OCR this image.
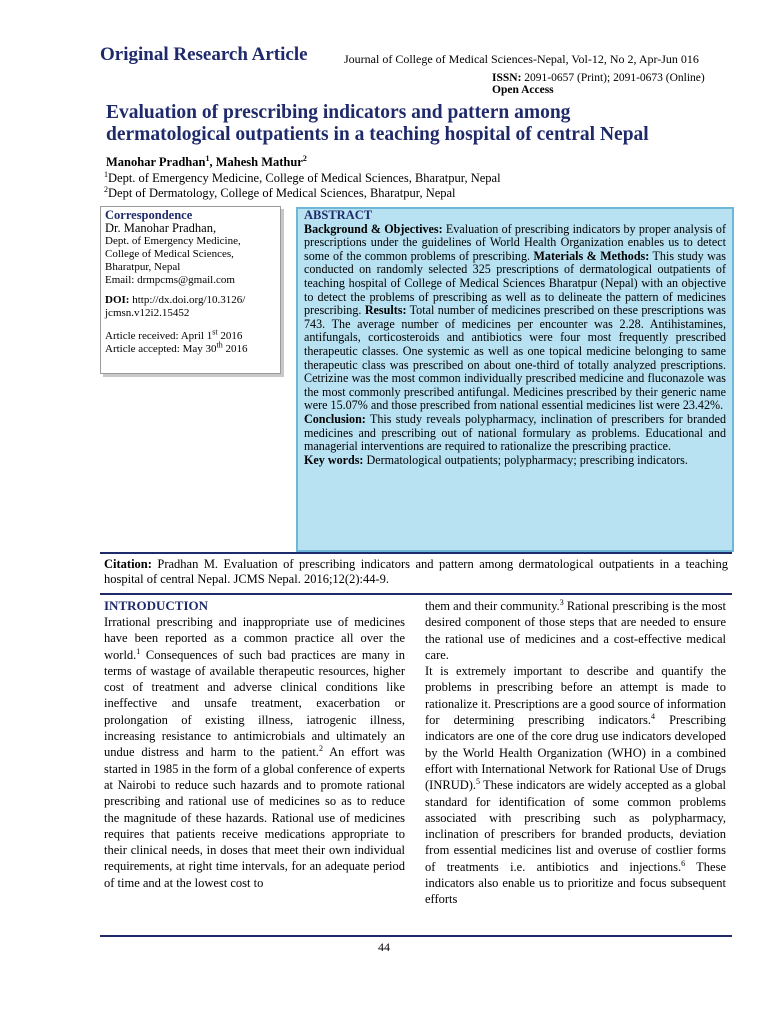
Original Research Article	Journal of College of Medical Sciences-Nepal, Vol-12, No 2, Apr-Jun 016
ISSN: 2091-0657 (Print); 2091-0673 (Online)
Open Access
Evaluation of prescribing indicators and pattern among
dermatological outpatients in a teaching hospital of central Nepal
Manohar Pradhan$^1$, Mahesh Mathur$^2$
$^1$Dept. of Emergency Medicine, College of Medical Sciences, Bharatpur, Nepal
$^2$Dept of Dermatology, College of Medical Sciences, Bharatpur, Nepal
Correspondence
Dr. Manohar Pradhan,
Dept. of Emergency Medicine,
College of Medical Sciences,
Bharatpur, Nepal
Email: drmpcms@gmail.com
DOI: http://dx.doi.org/10.3126/
jcmsn.v12i2.15452
Article received: April 1st 2016
Article accepted: May 30th 2016
ABSTRACT
Background & Objectives: Evaluation of prescribing indicators by proper analysis of prescriptions under the guidelines of World Health Organization enables us to detect some of the common problems of prescribing. Materials & Methods: This study was conducted on randomly selected 325 prescriptions of dermatological outpatients of teaching hospital of College of Medical Sciences Bharatpur (Nepal) with an objective to detect the problems of prescribing as well as to delineate the pattern of medicines prescribing. Results: Total number of medicines prescribed on these prescriptions was 743. The average number of medicines per encounter was 2.28. Antihistamines, antifungals, corticosteroids and antibiotics were four most frequently prescribed therapeutic classes. One systemic as well as one topical medicine belonging to same therapeutic class was prescribed on about one-third of totally analyzed prescriptions. Cetrizine was the most common individually prescribed medicine and fluconazole was the most commonly prescribed antifungal. Medicines prescribed by their generic name were 15.07% and those prescribed from national essential medicines list were 23.42%.
Conclusion: This study reveals polypharmacy, inclination of prescribers for branded medicines and prescribing out of national formulary as problems. Educational and managerial interventions are required to rationalize the prescribing practice.
Key words: Dermatological outpatients; polypharmacy; prescribing indicators.
Citation: Pradhan M. Evaluation of prescribing indicators and pattern among dermatological outpatients in a teaching hospital of central Nepal. JCMS Nepal. 2016;12(2):44-9.
INTRODUCTION
Irrational prescribing and inappropriate use of medicines have been reported as a common practice all over the world.$^1$ Consequences of such bad practices are many in terms of wastage of available therapeutic resources, higher cost of treatment and adverse clinical conditions like ineffective and unsafe treatment, exacerbation or prolongation of existing illness, iatrogenic illness, increasing resistance to antimicrobials and ultimately an undue distress and harm to the patient.$^2$ An effort was started in 1985 in the form of a global conference of experts at Nairobi to reduce such hazards and to promote rational prescribing and rational use of medicines so as to reduce the magnitude of these hazards. Rational use of medicines requires that patients receive medications appropriate to their clinical needs, in doses that meet their own individual requirements, at right time intervals, for an adequate period of time and at the lowest cost to
them and their community.$^3$ Rational prescribing is the most desired component of those steps that are needed to ensure the rational use of medicines and a cost-effective medical care.
It is extremely important to describe and quantify the problems in prescribing before an attempt is made to rationalize it. Prescriptions are a good source of information for determining prescribing indicators.$^4$ Prescribing indicators are one of the core drug use indicators developed by the World Health Organization (WHO) in a combined effort with International Network for Rational Use of Drugs (INRUD).$^5$ These indicators are widely accepted as a global standard for identification of some common problems associated with prescribing such as polypharmacy, inclination of prescribers for branded products, deviation from essential medicines list and overuse of costlier forms of treatments i.e. antibiotics and injections.$^6$ These indicators also enable us to prioritize and focus subsequent efforts
44
